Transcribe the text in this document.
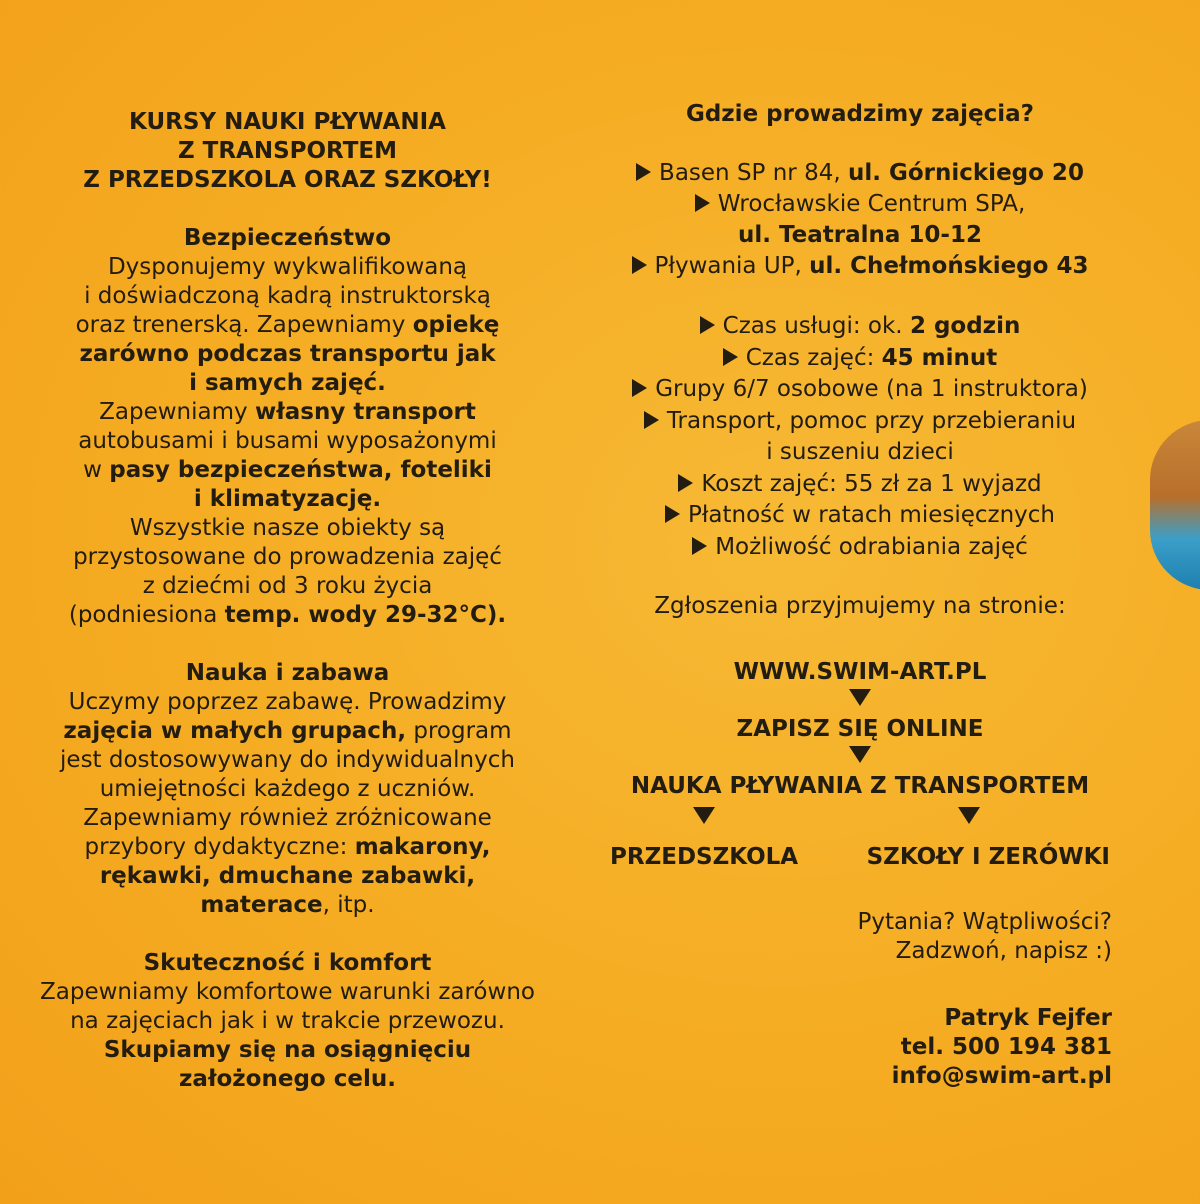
KURSY NAUKI PŁYWANIA
Z TRANSPORTEM
Z PRZEDSZKOLA ORAZ SZKOŁY!
Bezpieczeństwo
Dysponujemy wykwalifikowaną
i doświadczoną kadrą instruktorską
oraz trenerską. Zapewniamy opiekę
zarówno podczas transportu jak
i samych zajęć.
Zapewniamy własny transport
autobusami i busami wyposażonymi
w pasy bezpieczeństwa, foteliki
i klimatyzację.
Wszystkie nasze obiekty są
przystosowane do prowadzenia zajęć
z dziećmi od 3 roku życia
(podniesiona temp. wody 29-32°C).
Nauka i zabawa
Uczymy poprzez zabawę. Prowadzimy
zajęcia w małych grupach, program
jest dostosowywany do indywidualnych
umiejętności każdego z uczniów.
Zapewniamy również zróżnicowane
przybory dydaktyczne: makarony,
rękawki, dmuchane zabawki,
materace, itp.
Skuteczność i komfort
Zapewniamy komfortowe warunki zarówno
na zajęciach jak i w trakcie przewozu.
Skupiamy się na osiągnięciu
założonego celu.
Gdzie prowadzimy zajęcia?
Basen SP nr 84, ul. Górnickiego 20
Wrocławskie Centrum SPA,
ul. Teatralna 10-12
Pływania UP, ul. Chełmońskiego 43
Czas usługi: ok. 2 godzin
Czas zajęć: 45 minut
Grupy 6/7 osobowe (na 1 instruktora)
Transport, pomoc przy przebieraniu
i suszeniu dzieci
Koszt zajęć: 55 zł za 1 wyjazd
Płatność w ratach miesięcznych
Możliwość odrabiania zajęć
Zgłoszenia przyjmujemy na stronie:
WWW.SWIM-ART.PL
ZAPISZ SIĘ ONLINE
NAUKA PŁYWANIA Z TRANSPORTEM
PRZEDSZKOLA	SZKOŁY I ZERÓWKI
Pytania? Wątpliwości?
Zadzwoń, napisz :)
Patryk Fejfer
tel. 500 194 381
info@swim-art.pl
